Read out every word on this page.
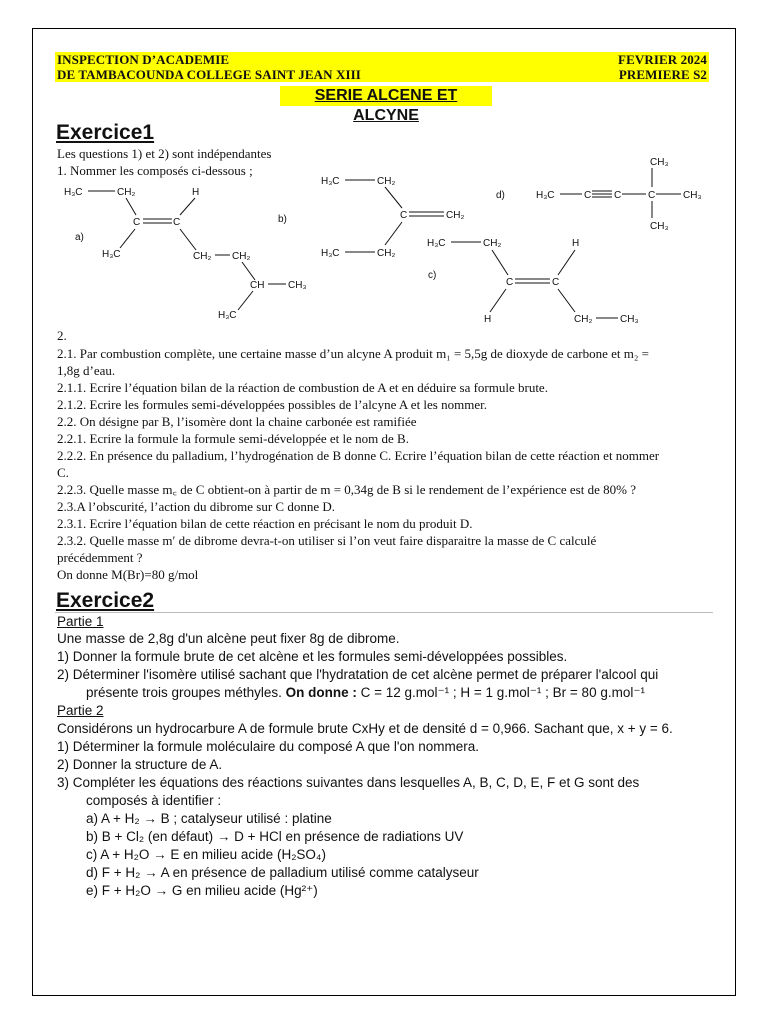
INSPECTION D’ACADEMIE	FEVRIER 2024
DE TAMBACOUNDA COLLEGE SAINT JEAN XIII	PREMIERE S2
SERIE ALCENE ET ALCYNE
Exercice1
Les questions 1) et 2) sont indépendantes
1. Nommer les composés ci-dessous ;
a)
H₃C	CH₂	H
C	C
H₃C	CH₂ CH₂
CH CH₃
H₃C
b)
H₃C	CH₂
C	CH₂
H₃C	CH₂
c)
H₃C	CH₂	H
C	C
H	CH₂	CH₃
d)
CH₃
H₃C	C C	C	CH₃
CH₃
2.
2.1. Par combustion complète, une certaine masse d’un alcyne A produit m₁ = 5,5g de dioxyde de carbone et m₂ =
1,8g d’eau.
2.1.1. Ecrire l’équation bilan de la réaction de combustion de A et en déduire sa formule brute.
2.1.2. Ecrire les formules semi-développées possibles de l’alcyne A et les nommer.
2.2. On désigne par B, l’isomère dont la chaine carbonée est ramifiée
2.2.1. Ecrire la formule la formule semi-développée et le nom de B.
2.2.2. En présence du palladium, l’hydrogénation de B donne C. Ecrire l’équation bilan de cette réaction et nommer
C.
2.2.3. Quelle masse m꜀ de C obtient-on à partir de m = 0,34g de B si le rendement de l’expérience est de 80% ?
2.3.A l’obscurité, l’action du dibrome sur C donne D.
2.3.1. Ecrire l’équation bilan de cette réaction en précisant le nom du produit D.
2.3.2. Quelle masse m′ de dibrome devra-t-on utiliser si l’on veut faire disparaitre la masse de C calculé
précédemment ?
On donne M(Br)=80 g/mol
Exercice2
Partie 1
Une masse de 2,8g d'un alcène peut fixer 8g de dibrome.
1) Donner la formule brute de cet alcène et les formules semi-développées possibles.
2) Déterminer l'isomère utilisé sachant que l'hydratation de cet alcène permet de préparer l'alcool qui
présente trois groupes méthyles. On donne : C = 12 g.mol⁻¹ ; H = 1 g.mol⁻¹ ; Br = 80 g.mol⁻¹
Partie 2
Considérons un hydrocarbure A de formule brute CxHy et de densité d = 0,966. Sachant que, x + y = 6.
1) Déterminer la formule moléculaire du composé A que l'on nommera.
2) Donner la structure de A.
3) Compléter les équations des réactions suivantes dans lesquelles A, B, C, D, E, F et G sont des
composés à identifier :
a) A + H₂ → B ; catalyseur utilisé : platine
b) B + Cl₂ (en défaut) → D + HCl en présence de radiations UV
c) A + H₂O → E en milieu acide (H₂SO₄)
d) F + H₂ → A en présence de palladium utilisé comme catalyseur
e) F + H₂O → G en milieu acide (Hg²⁺)
